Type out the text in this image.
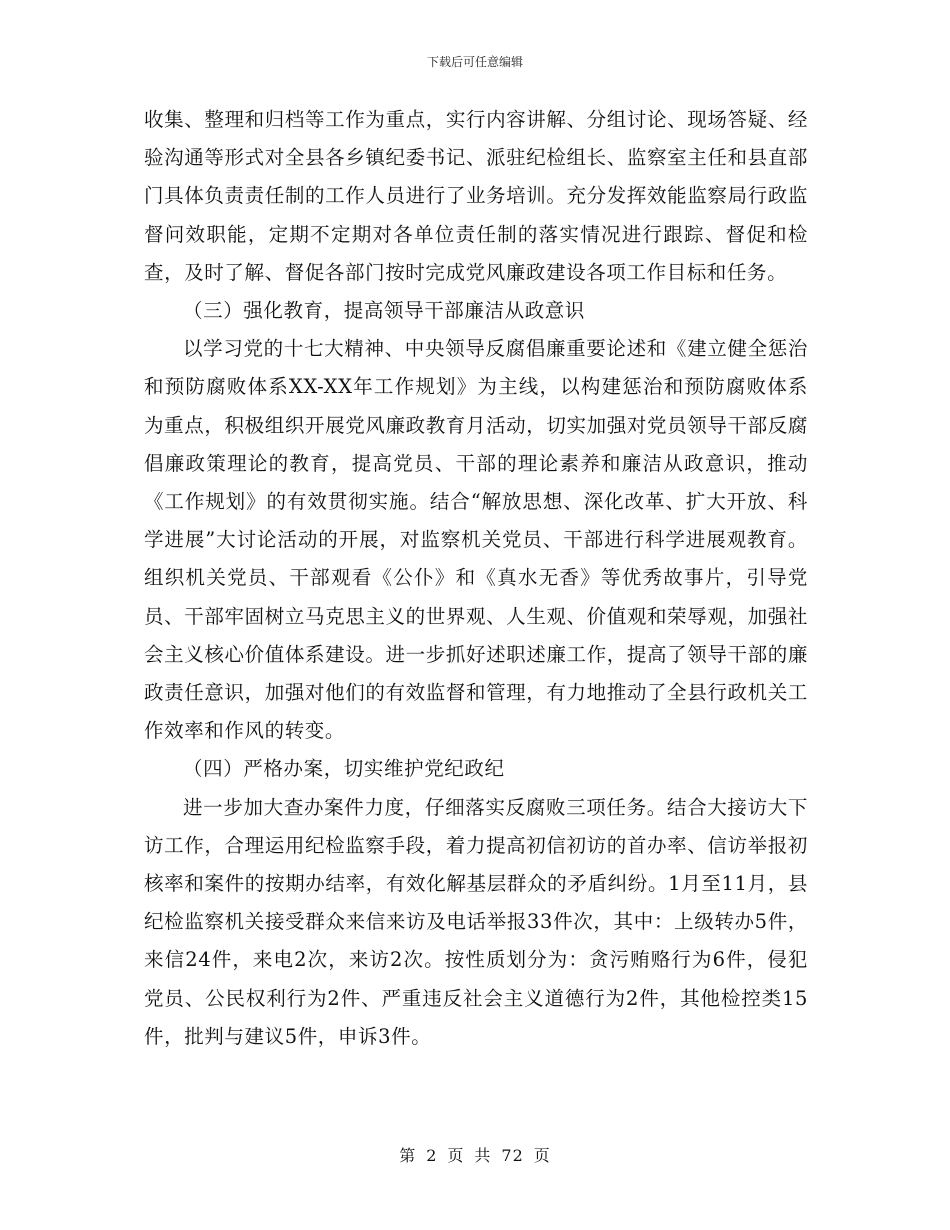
下载后可任意编辑

收集、整理和归档等工作为重点，实行内容讲解、分组讨论、现场答疑、经验沟通等形式对全县各乡镇纪委书记、派驻纪检组长、监察室主任和县直部门具体负责责任制的工作人员进行了业务培训。充分发挥效能监察局行政监督问效职能，定期不定期对各单位责任制的落实情况进行跟踪、督促和检查，及时了解、督促各部门按时完成党风廉政建设各项工作目标和任务。

（三）强化教育，提高领导干部廉洁从政意识

以学习党的十七大精神、中央领导反腐倡廉重要论述和《建立健全惩治和预防腐败体系XX-XX年工作规划》为主线，以构建惩治和预防腐败体系为重点，积极组织开展党风廉政教育月活动，切实加强对党员领导干部反腐倡廉政策理论的教育，提高党员、干部的理论素养和廉洁从政意识，推动《工作规划》的有效贯彻实施。结合“解放思想、深化改革、扩大开放、科学进展”大讨论活动的开展，对监察机关党员、干部进行科学进展观教育。组织机关党员、干部观看《公仆》和《真水无香》等优秀故事片，引导党员、干部牢固树立马克思主义的世界观、人生观、价值观和荣辱观，加强社会主义核心价值体系建设。进一步抓好述职述廉工作，提高了领导干部的廉政责任意识，加强对他们的有效监督和管理，有力地推动了全县行政机关工作效率和作风的转变。

（四）严格办案，切实维护党纪政纪

进一步加大查办案件力度，仔细落实反腐败三项任务。结合大接访大下访工作，合理运用纪检监察手段，着力提高初信初访的首办率、信访举报初核率和案件的按期办结率，有效化解基层群众的矛盾纠纷。1月至11月，县纪检监察机关接受群众来信来访及电话举报33件次，其中：上级转办5件，来信24件，来电2次，来访2次。按性质划分为：贪污贿赂行为6件，侵犯党员、公民权利行为2件、严重违反社会主义道德行为2件，其他检控类15件，批判与建议5件，申诉3件。

第 2 页 共 72 页
